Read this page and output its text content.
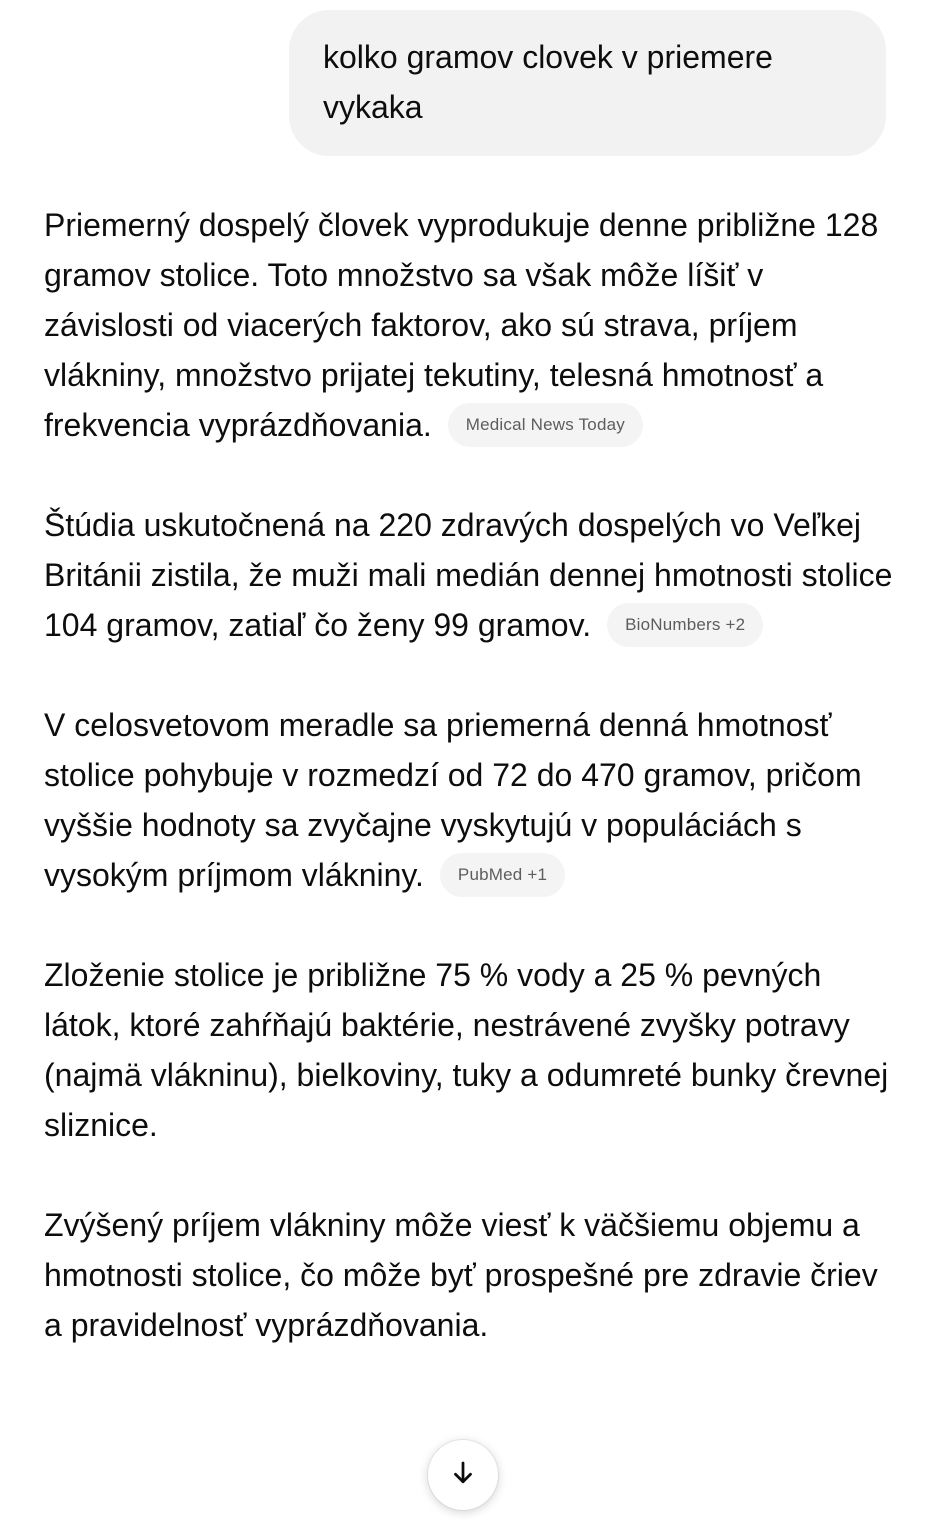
kolko gramov clovek v priemere
vykaka

Priemerný dospelý človek vyprodukuje denne približne 128 gramov stolice. Toto množstvo sa však môže líšiť v závislosti od viacerých faktorov, ako sú strava, príjem vlákniny, množstvo prijatej tekutiny, telesná hmotnosť a frekvencia vyprázdňovania. Medical News Today

Štúdia uskutočnená na 220 zdravých dospelých vo Veľkej Británii zistila, že muži mali medián dennej hmotnosti stolice 104 gramov, zatiaľ čo ženy 99 gramov. BioNumbers +2

V celosvetovom meradle sa priemerná denná hmotnosť stolice pohybuje v rozmedzí od 72 do 470 gramov, pričom vyššie hodnoty sa zvyčajne vyskytujú v populáciách s vysokým príjmom vlákniny. PubMed +1

Zloženie stolice je približne 75 % vody a 25 % pevných látok, ktoré zahŕňajú baktérie, nestrávené zvyšky potravy (najmä vlákninu), bielkoviny, tuky a odumreté bunky črevnej sliznice.

Zvýšený príjem vlákniny môže viesť k väčšiemu objemu a hmotnosti stolice, čo môže byť prospešné pre zdravie čriev a pravidelnosť vyprázdňovania.
